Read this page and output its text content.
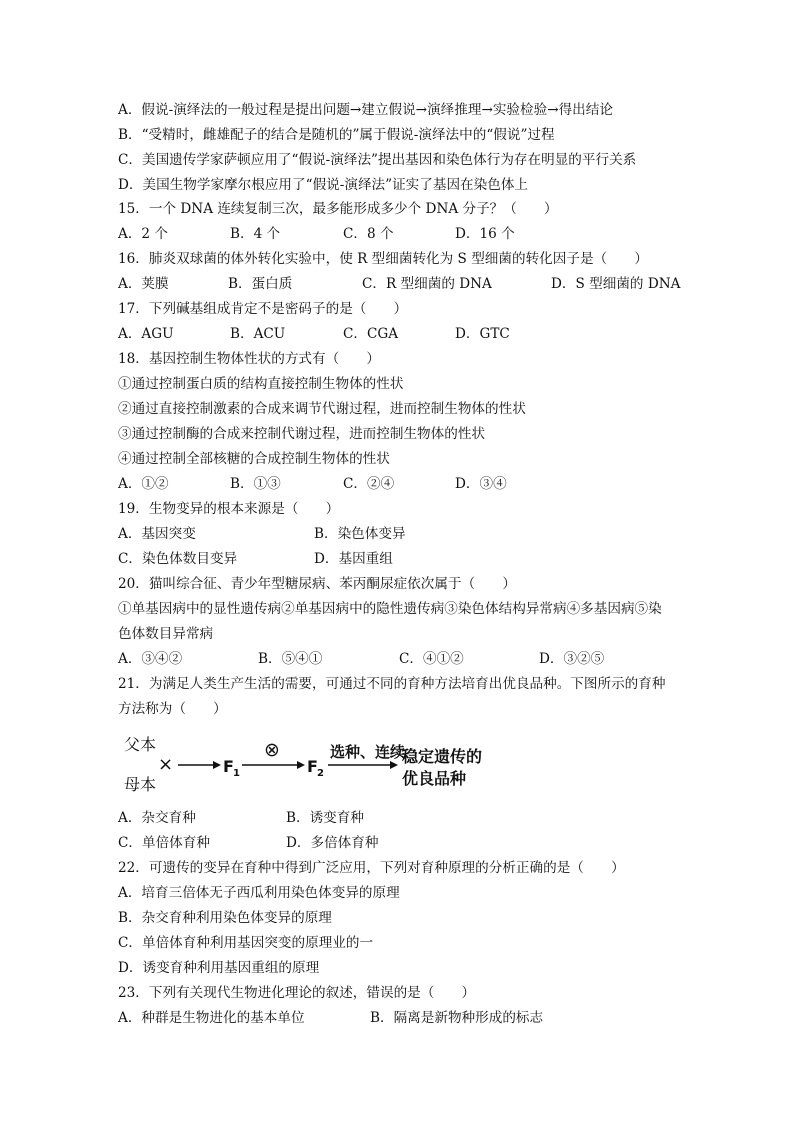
A．假说-演绎法的一般过程是提出问题→建立假说→演绎推理→实验检验→得出结论
B．“受精时，雌雄配子的结合是随机的”属于假说-演绎法中的“假说”过程
C．美国遗传学家萨顿应用了“假说-演绎法”提出基因和染色体行为存在明显的平行关系
D．美国生物学家摩尔根应用了“假说-演绎法”证实了基因在染色体上
15．一个 DNA 连续复制三次，最多能形成多少个 DNA 分子？（　　）
A．2 个	B．4 个	C．8 个	D．16 个
16．肺炎双球菌的体外转化实验中，使 R 型细菌转化为 S 型细菌的转化因子是（　　）
A．荚膜	B．蛋白质	C．R 型细菌的 DNA	D．S 型细菌的 DNA
17．下列碱基组成肯定不是密码子的是（　　）
A．AGU	B．ACU	C．CGA	D．GTC
18．基因控制生物体性状的方式有（　　）
①通过控制蛋白质的结构直接控制生物体的性状
②通过直接控制激素的合成来调节代谢过程，进而控制生物体的性状
③通过控制酶的合成来控制代谢过程，进而控制生物体的性状
④通过控制全部核糖的合成控制生物体的性状
A．①②	B．①③	C．②④	D．③④
19．生物变异的根本来源是（　　）
A．基因突变	B．染色体变异
C．染色体数目变异	D．基因重组
20．猫叫综合征、青少年型糖尿病、苯丙酮尿症依次属于（　　）
①单基因病中的显性遗传病②单基因病中的隐性遗传病③染色体结构异常病④多基因病⑤染
色体数目异常病
A．③④②	B．⑤④①	C．④①②	D．③②⑤
21．为满足人类生产生活的需要，可通过不同的育种方法培育出优良品种。下图所示的育种
方法称为（　　）
父本
×
母本
F 1
⊗
F 2
选种、连续
稳定遗传的
优良品种
A．杂交育种	B．诱变育种
C．单倍体育种	D．多倍体育种
22．可遗传的变异在育种中得到广泛应用，下列对育种原理的分析正确的是（　　）
A．培育三倍体无子西瓜利用染色体变异的原理
B．杂交育种利用染色体变异的原理
C．单倍体育种利用基因突变的原理业的一
D．诱变育种利用基因重组的原理
23．下列有关现代生物进化理论的叙述，错误的是（　　）
A．种群是生物进化的基本单位	B．隔离是新物种形成的标志
